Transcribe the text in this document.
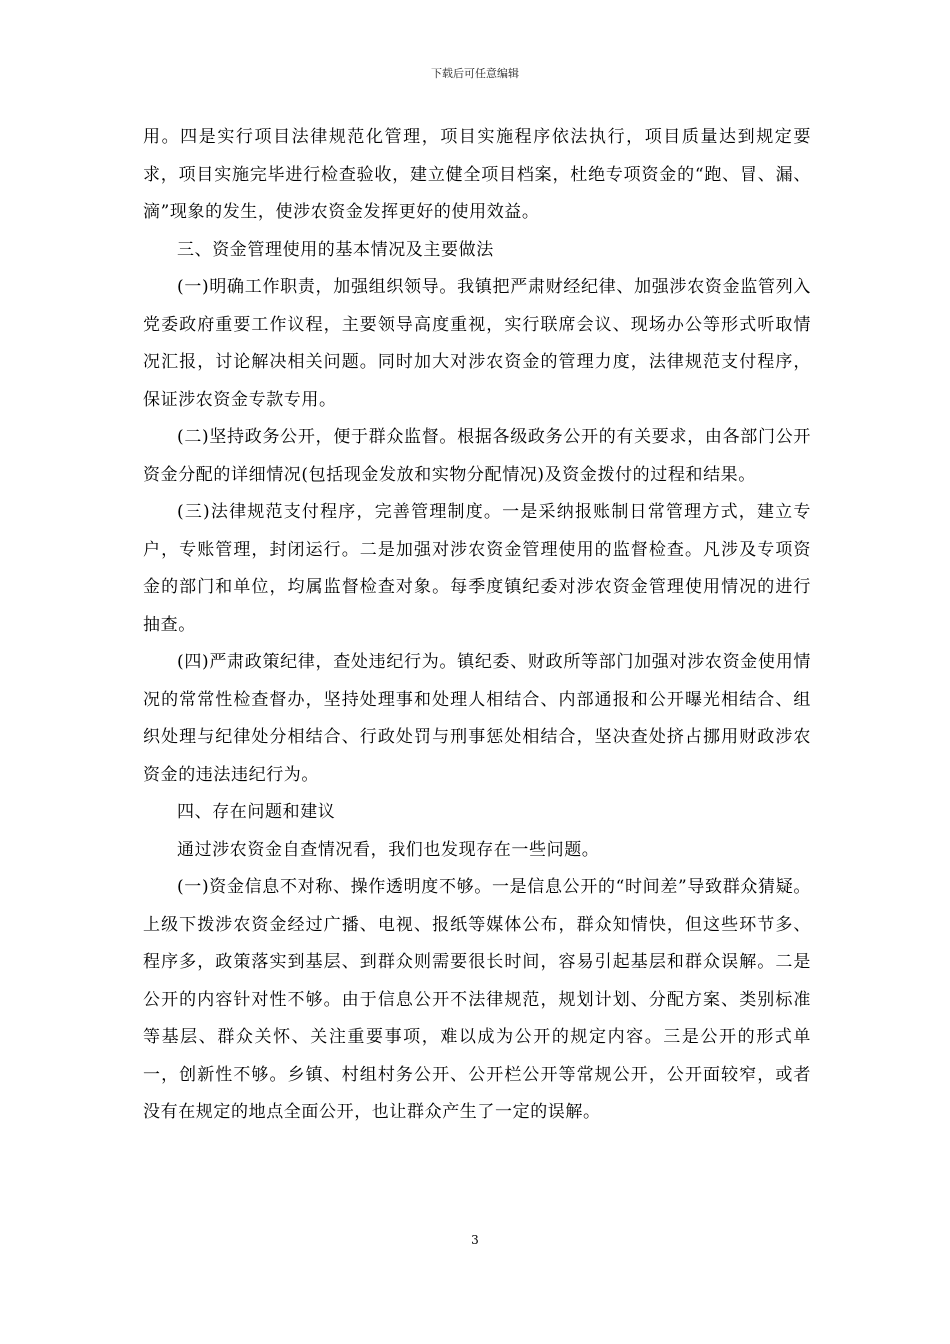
下载后可任意编辑

用。四是实行项目法律规范化管理，项目实施程序依法执行，项目质量达到规定要求，项目实施完毕进行检查验收，建立健全项目档案，杜绝专项资金的“跑、冒、漏、滴”现象的发生，使涉农资金发挥更好的使用效益。

三、资金管理使用的基本情况及主要做法

(一)明确工作职责，加强组织领导。我镇把严肃财经纪律、加强涉农资金监管列入党委政府重要工作议程，主要领导高度重视，实行联席会议、现场办公等形式听取情况汇报，讨论解决相关问题。同时加大对涉农资金的管理力度，法律规范支付程序，保证涉农资金专款专用。

(二)坚持政务公开，便于群众监督。根据各级政务公开的有关要求，由各部门公开资金分配的详细情况(包括现金发放和实物分配情况)及资金拨付的过程和结果。

(三)法律规范支付程序，完善管理制度。一是采纳报账制日常管理方式，建立专户，专账管理，封闭运行。二是加强对涉农资金管理使用的监督检查。凡涉及专项资金的部门和单位，均属监督检查对象。每季度镇纪委对涉农资金管理使用情况的进行抽查。

(四)严肃政策纪律，查处违纪行为。镇纪委、财政所等部门加强对涉农资金使用情况的常常性检查督办，坚持处理事和处理人相结合、内部通报和公开曝光相结合、组织处理与纪律处分相结合、行政处罚与刑事惩处相结合，坚决查处挤占挪用财政涉农资金的违法违纪行为。

四、存在问题和建议

通过涉农资金自查情况看，我们也发现存在一些问题。

(一)资金信息不对称、操作透明度不够。一是信息公开的“时间差”导致群众猜疑。上级下拨涉农资金经过广播、电视、报纸等媒体公布，群众知情快，但这些环节多、程序多，政策落实到基层、到群众则需要很长时间，容易引起基层和群众误解。二是公开的内容针对性不够。由于信息公开不法律规范，规划计划、分配方案、类别标准等基层、群众关怀、关注重要事项，难以成为公开的规定内容。三是公开的形式单一，创新性不够。乡镇、村组村务公开、公开栏公开等常规公开，公开面较窄，或者没有在规定的地点全面公开，也让群众产生了一定的误解。

3
